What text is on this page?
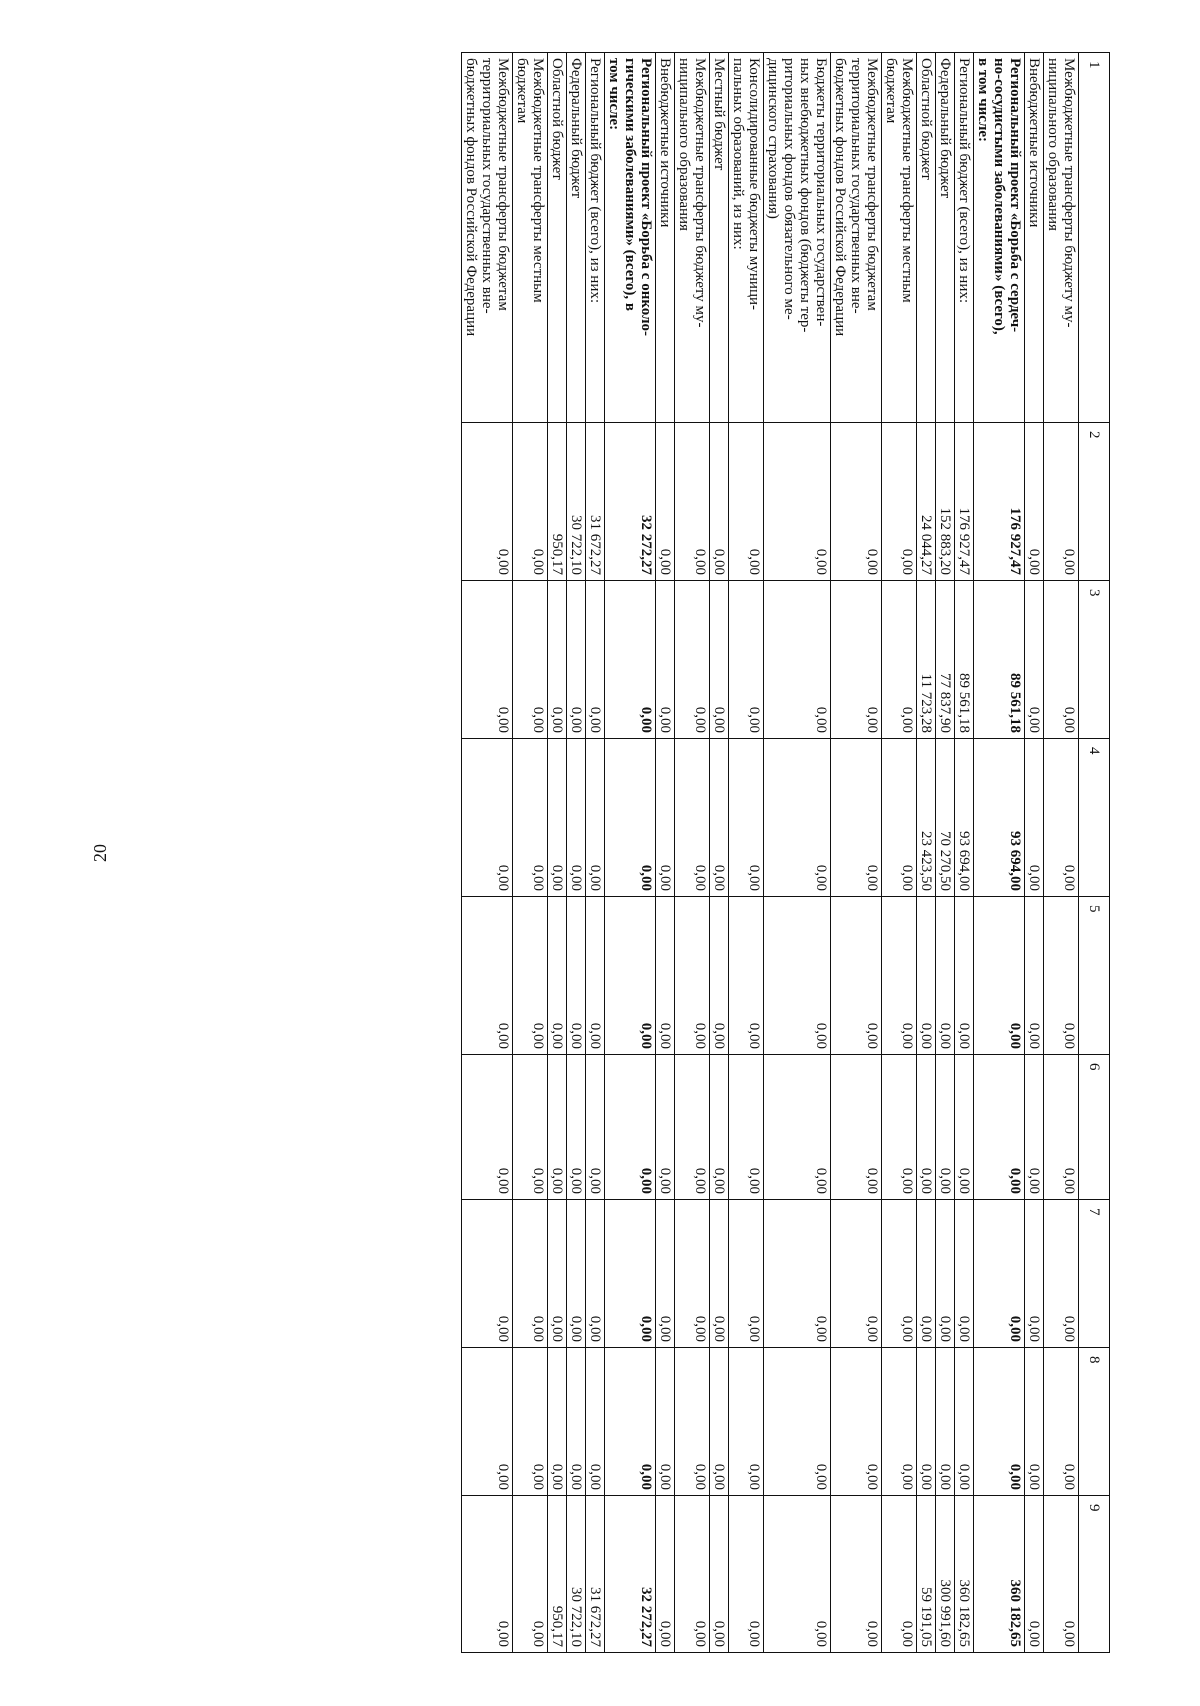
20
1	2	3	4	5	6	7	8	9
Межбюджетные трансферты бюджету му-
ниципального образования	0,00	0,00	0,00	0,00	0,00	0,00	0,00	0,00
Внебюджетные источники	0,00	0,00	0,00	0,00	0,00	0,00	0,00	0,00
Региональный проект «Борьба с сердеч-
но-сосудистыми заболеваниями» (всего),
в том числе:	176 927,47	89 561,18	93 694,00	0,00	0,00	0,00	0,00	360 182,65
Региональный бюджет (всего), из них:	176 927,47	89 561,18	93 694,00	0,00	0,00	0,00	0,00	360 182,65
Федеральный бюджет	152 883,20	77 837,90	70 270,50	0,00	0,00	0,00	0,00	300 991,60
Областной бюджет	24 044,27	11 723,28	23 423,50	0,00	0,00	0,00	0,00	59 191,05
Межбюджетные трансферты местным
бюджетам	0,00	0,00	0,00	0,00	0,00	0,00	0,00	0,00
Межбюджетные трансферты бюджетам
территориальных государственных вне-
бюджетных фондов Российской Федерации	0,00	0,00	0,00	0,00	0,00	0,00	0,00	0,00
Бюджеты территориальных государствен-
ных внебюджетных фондов (бюджеты тер-
риториальных фондов обязательного ме-
дицинского страхования)	0,00	0,00	0,00	0,00	0,00	0,00	0,00	0,00
Консолидированные бюджеты муници-
пальных образований, из них:	0,00	0,00	0,00	0,00	0,00	0,00	0,00	0,00
Местный бюджет	0,00	0,00	0,00	0,00	0,00	0,00	0,00	0,00
Межбюджетные трансферты бюджету му-
ниципального образования	0,00	0,00	0,00	0,00	0,00	0,00	0,00	0,00
Внебюджетные источники	0,00	0,00	0,00	0,00	0,00	0,00	0,00	0,00
Региональный проект «Борьба с онколо-
гическими заболеваниями» (всего), в
том числе:	32 272,27	0,00	0,00	0,00	0,00	0,00	0,00	32 272,27
Региональный бюджет (всего), из них:	31 672,27	0,00	0,00	0,00	0,00	0,00	0,00	31 672,27
Федеральный бюджет	30 722,10	0,00	0,00	0,00	0,00	0,00	0,00	30 722,10
Областной бюджет	950,17	0,00	0,00	0,00	0,00	0,00	0,00	950,17
Межбюджетные трансферты местным
бюджетам	0,00	0,00	0,00	0,00	0,00	0,00	0,00	0,00
Межбюджетные трансферты бюджетам
территориальных государственных вне-
бюджетных фондов Российской Федерации	0,00	0,00	0,00	0,00	0,00	0,00	0,00	0,00
